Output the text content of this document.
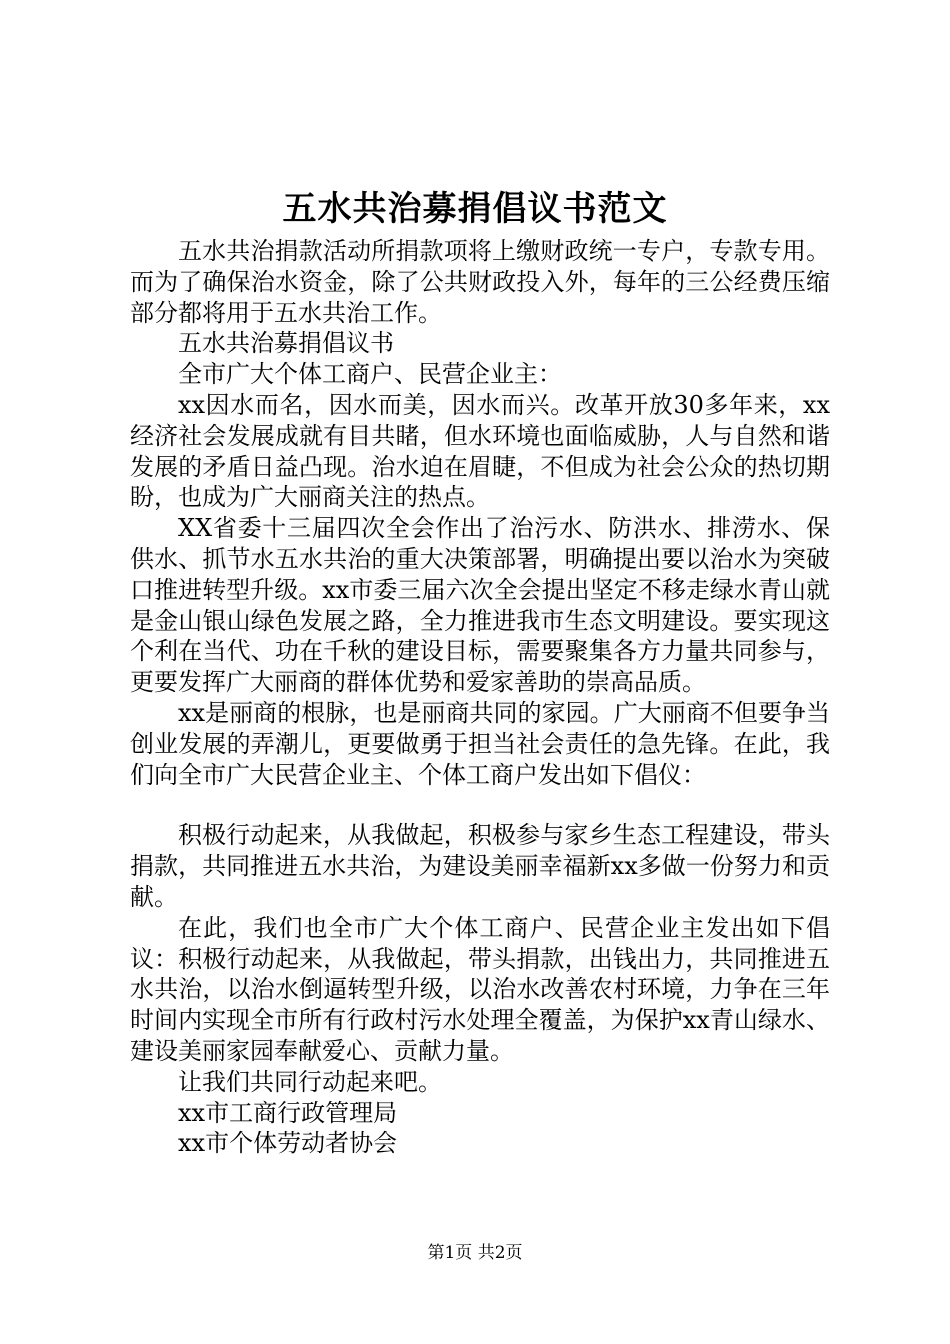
五水共治募捐倡议书范文

五水共治捐款活动所捐款项将上缴财政统一专户，专款专用。而为了确保治水资金，除了公共财政投入外，每年的三公经费压缩部分都将用于五水共治工作。

五水共治募捐倡议书

全市广大个体工商户、民营企业主：

xx因水而名，因水而美，因水而兴。改革开放30多年来，xx经济社会发展成就有目共睹，但水环境也面临威胁，人与自然和谐发展的矛盾日益凸现。治水迫在眉睫，不但成为社会公众的热切期盼，也成为广大丽商关注的热点。

XX省委十三届四次全会作出了治污水、防洪水、排涝水、保供水、抓节水五水共治的重大决策部署，明确提出要以治水为突破口推进转型升级。xx市委三届六次全会提出坚定不移走绿水青山就是金山银山绿色发展之路，全力推进我市生态文明建设。要实现这个利在当代、功在千秋的建设目标，需要聚集各方力量共同参与，更要发挥广大丽商的群体优势和爱家善助的崇高品质。

xx是丽商的根脉，也是丽商共同的家园。广大丽商不但要争当创业发展的弄潮儿，更要做勇于担当社会责任的急先锋。在此，我们向全市广大民营企业主、个体工商户发出如下倡仪：

积极行动起来，从我做起，积极参与家乡生态工程建设，带头捐款，共同推进五水共治，为建设美丽幸福新xx多做一份努力和贡献。

在此，我们也全市广大个体工商户、民营企业主发出如下倡议：积极行动起来，从我做起，带头捐款，出钱出力，共同推进五水共治，以治水倒逼转型升级，以治水改善农村环境，力争在三年时间内实现全市所有行政村污水处理全覆盖，为保护xx青山绿水、建设美丽家园奉献爱心、贡献力量。

让我们共同行动起来吧。

xx市工商行政管理局

xx市个体劳动者协会

第1页 共2页
